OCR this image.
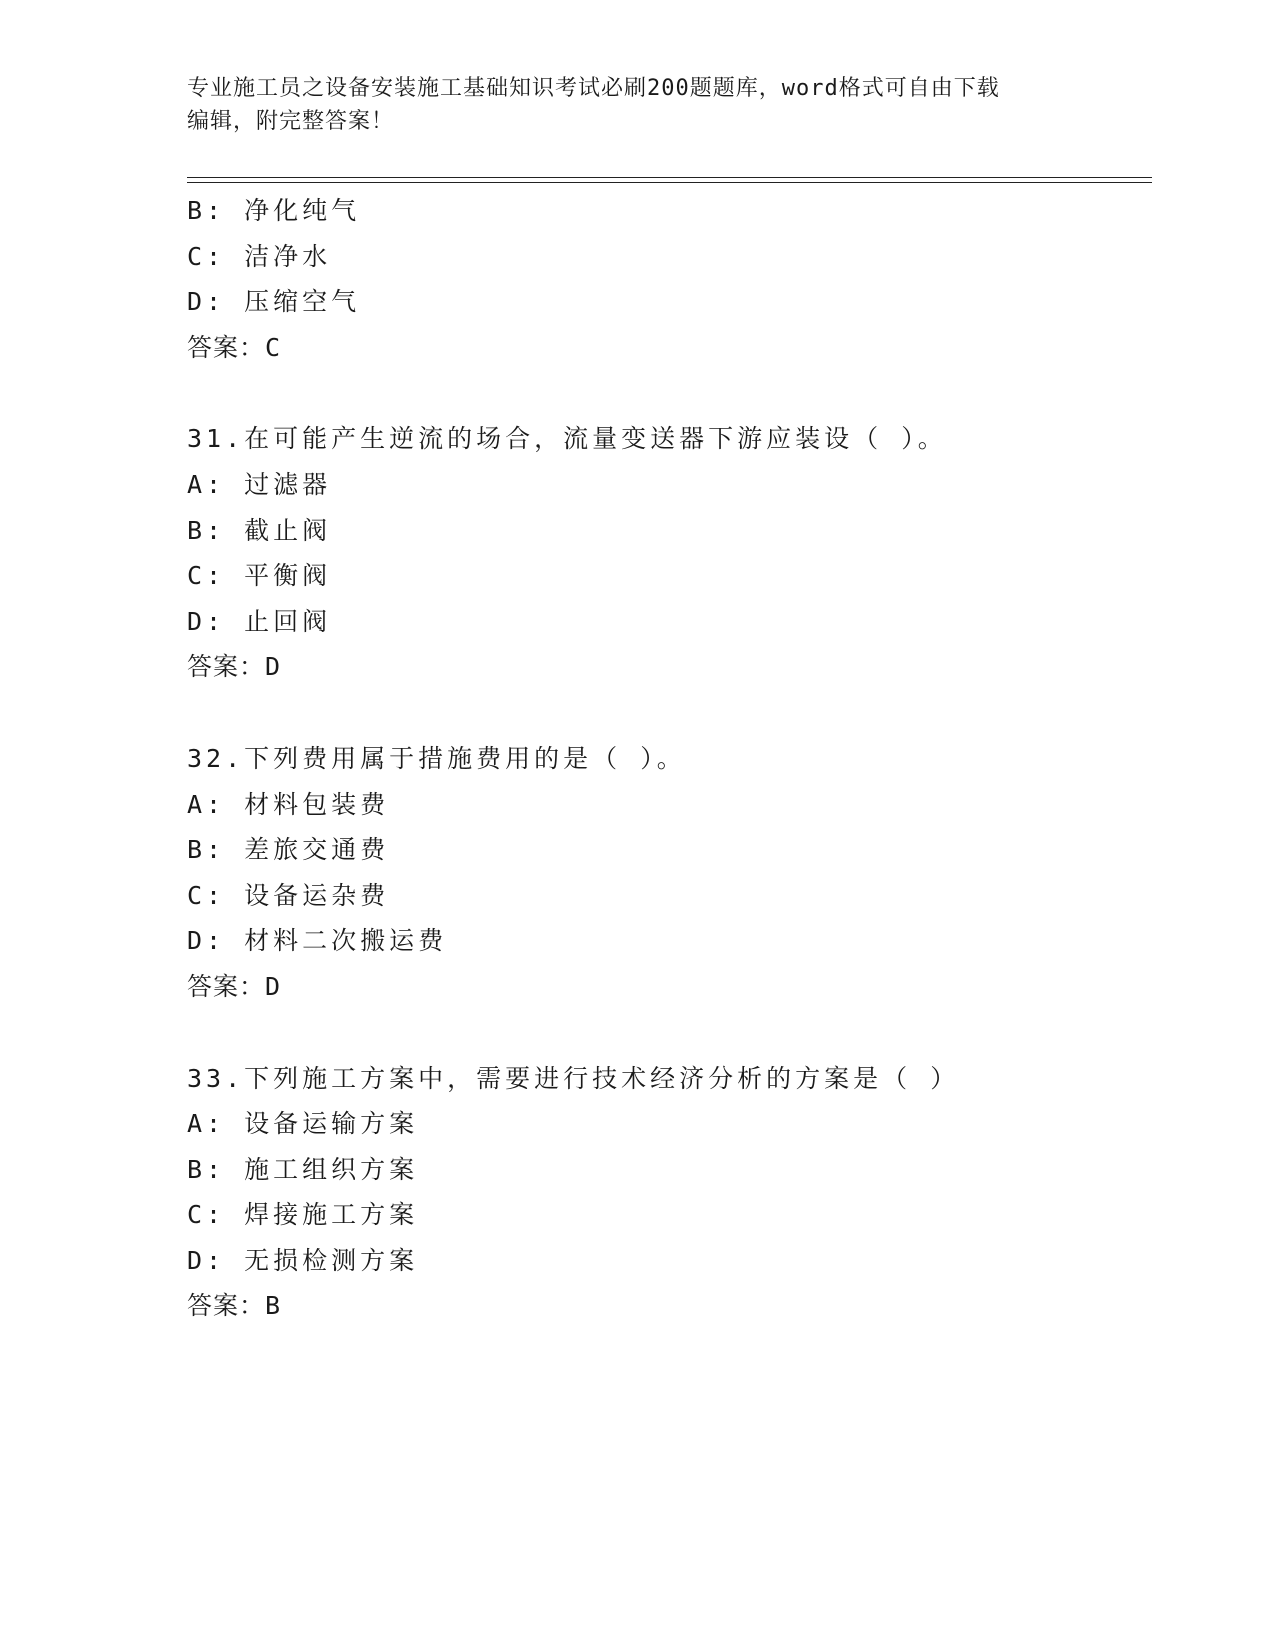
专业施工员之设备安装施工基础知识考试必刷200题题库，word格式可自由下载
编辑，附完整答案！
B: 净化纯气
C: 洁净水
D: 压缩空气
答案：C
31.在可能产生逆流的场合，流量变送器下游应装设（ ）。
A: 过滤器
B: 截止阀
C: 平衡阀
D: 止回阀
答案：D
32.下列费用属于措施费用的是（ ）。
A: 材料包装费
B: 差旅交通费
C: 设备运杂费
D: 材料二次搬运费
答案：D
33.下列施工方案中，需要进行技术经济分析的方案是（ ）
A: 设备运输方案
B: 施工组织方案
C: 焊接施工方案
D: 无损检测方案
答案：B
